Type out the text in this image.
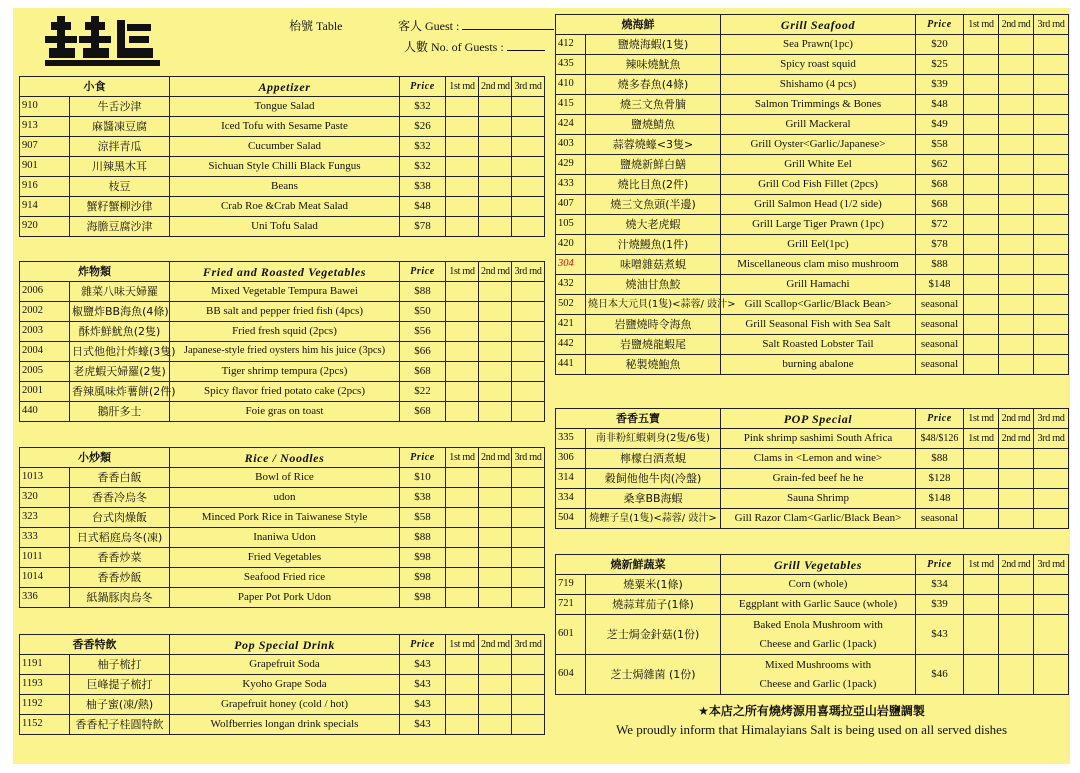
枱號 Table	客人 Guest :
人數 No. of Guests :
小食		Appetizer	Price	1st rnd	2nd rnd	3rd rnd
910	牛舌沙津	Tongue Salad	$32			
913	麻醬凍豆腐	Iced Tofu with Sesame Paste	$26			
907	涼拌青瓜	Cucumber Salad	$32			
901	川辣黑木耳	Sichuan Style Chilli Black Fungus	$32			
916	枝豆	Beans	$38			
914	蟹籽蟹柳沙律	Crab Roe &Crab Meat Salad	$48			
920	海膽豆腐沙津	Uni Tofu Salad	$78			
炸物類		Fried and Roasted Vegetables	Price	1st rnd	2nd rnd	3rd rnd
2006	雜菜八味天婦羅	Mixed Vegetable Tempura Bawei	$88			
2002	椒鹽炸BB海魚(4條)	BB salt and pepper fried fish (4pcs)	$50			
2003	酥炸鮮魷魚(2隻)	Fried fresh squid (2pcs)	$56			
2004	日式他他汁炸蠔(3隻)	Japanese-style fried oysters him his juice (3pcs)	$66			
2005	老虎蝦天婦羅(2隻)	Tiger shrimp tempura (2pcs)	$68			
2001	香辣風味炸薯餅(2件)	Spicy flavor fried potato cake (2pcs)	$22			
440	鵝肝多士	Foie gras on toast	$68			
小炒類		Rice / Noodles	Price	1st rnd	2nd rnd	3rd rnd
1013	香香白飯	Bowl of Rice	$10			
320	香香冷烏冬	udon	$38			
323	台式肉燥飯	Minced Pork Rice in Taiwanese Style	$58			
333	日式稻庭烏冬(凍)	Inaniwa Udon	$88			
1011	香香炒菜	Fried Vegetables	$98			
1014	香香炒飯	Seafood Fried rice	$98			
336	紙鍋豚肉烏冬	Paper Pot Pork Udon	$98			
香香特飲		Pop Special Drink	Price	1st rnd	2nd rnd	3rd rnd
1191	柚子梳打	Grapefruit Soda	$43			
1193	巨峰提子梳打	Kyoho Grape Soda	$43			
1192	柚子蜜(凍/熱)	Grapefruit honey (cold / hot)	$43			
1152	香香杞子桂圓特飲	Wolfberries longan drink specials	$43			
燒海鮮		Grill Seafood	Price	1st rnd	2nd rnd	3rd rnd
412	鹽燒海蝦(1隻)	Sea Prawn(1pc)	$20			
435	辣味燒魷魚	Spicy roast squid	$25			
410	燒多春魚(4條)	Shishamo (4 pcs)	$39			
415	燒三文魚骨腩	Salmon Trimmings & Bones	$48			
424	鹽燒鯖魚	Grill Mackeral	$49			
403	蒜蓉燒蠔<3隻>	Grill Oyster<Garlic/Japanese>	$58			
429	鹽燒新鮮白鱔	Grill White Eel	$62			
433	燒比目魚(2件)	Grill Cod Fish Fillet (2pcs)	$68			
407	燒三文魚頭(半邊)	Grill Salmon Head (1/2 side)	$68			
105	燒大老虎蝦	Grill Large Tiger Prawn (1pc)	$72			
420	汁燒鰻魚(1件)	Grill Eel(1pc)	$78			
304	味噌雜菇煮蜆	Miscellaneous clam miso mushroom	$88			
432	燒油甘魚鮫	Grill Hamachi	$148			
502	燒日本大元貝(1隻)<蒜蓉/ 豉汁>	Gill Scallop<Garlic/Black Bean>	seasonal			
421	岩鹽燒時令海魚	Grill Seasonal Fish with Sea Salt	seasonal			
442	岩鹽燒龍蝦尾	Salt Roasted Lobster Tail	seasonal			
441	秘製燒鮑魚	burning abalone	seasonal			
香香五寶		POP Special	Price	1st rnd	2nd rnd	3rd rnd
335	南非粉紅蝦刺身(2隻/6隻)	Pink shrimp sashimi South Africa	$48/$126	1st rnd	2nd rnd	3rd rnd
306	檸檬白酒煮蜆	Clams in <Lemon and wine>	$88			
314	穀飼他他牛肉(冷盤)	Grain-fed beef he he	$128			
334	桑拿BB海蝦	Sauna Shrimp	$148			
504	燒蟶子皇(1隻)<蒜蓉/ 豉汁>	Gill Razor Clam<Garlic/Black Bean>	seasonal			
燒新鮮蔬菜		Grill Vegetables	Price	1st rnd	2nd rnd	3rd rnd
719	燒粟米(1條)	Corn (whole)	$34			
721	燒蒜茸茄子(1條)	Eggplant with Garlic Sauce (whole)	$39			
601	芝士焗金針菇(1份)	Baked Enola Mushroom with
Cheese and Garlic (1pack)	$43			
604	芝士焗雜菌 (1份)	Mixed Mushrooms with
Cheese and Garlic (1pack)	$46			
★本店之所有燒烤源用喜瑪拉亞山岩鹽調製
We proudly inform that Himalayians Salt is being used on all served dishes
